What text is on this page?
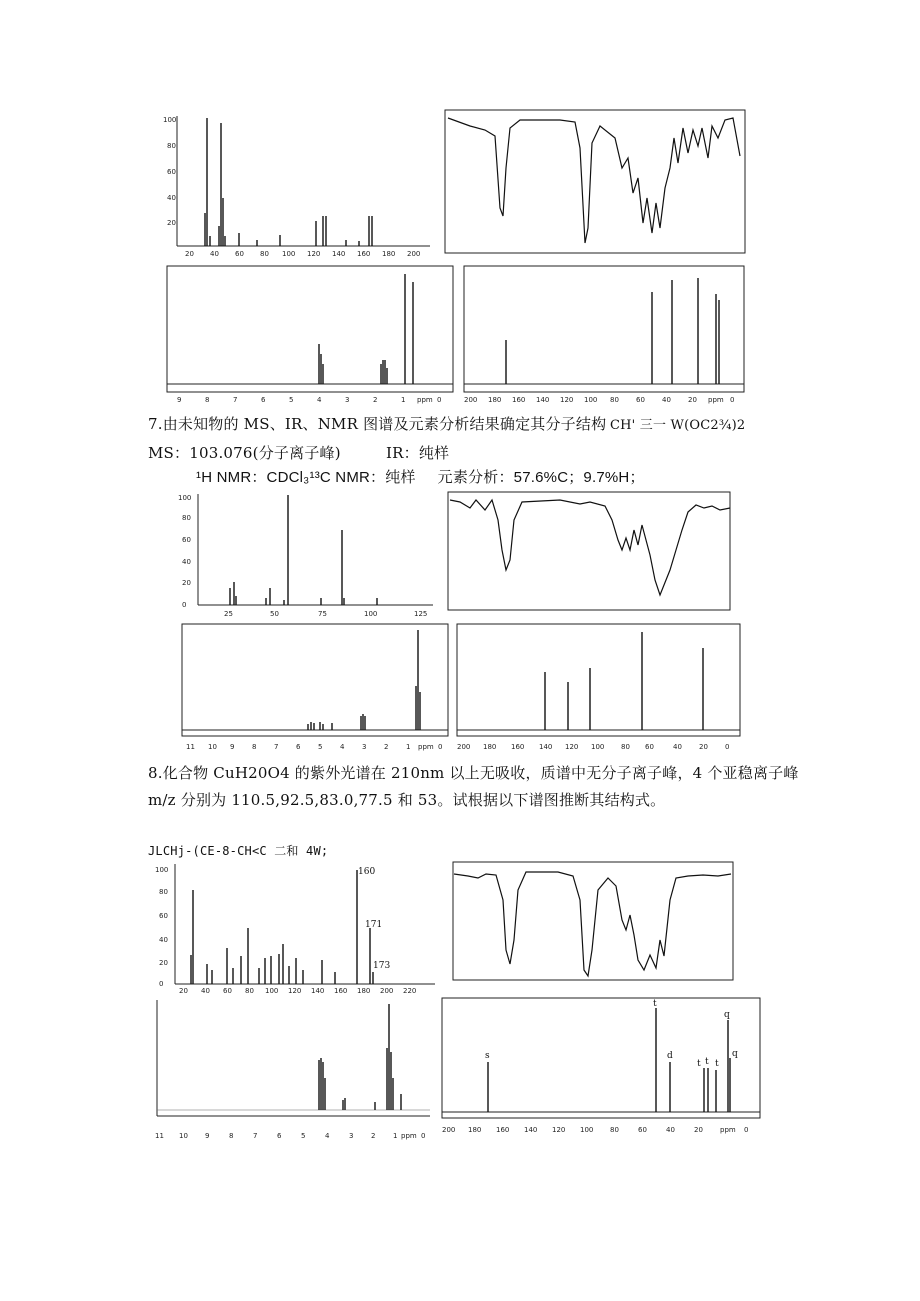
100
80
60
40
20
20 40 60 80 100 120 140 160 180 200
9	8	7	6	5	4	3	2	1 ppm 0	200 180 160 140 120 100 80 60 40 20 ppm 0
7.由未知物的 MS、IR、NMR 图谱及元素分析结果确定其分子结构 CH' 三一 W(OC2¾)2
MS：103.076(分子离子峰)	IR：纯样
¹H NMR：CDCl₃¹³C NMR：纯样 元素分析：57.6%C；9.7%H；
100
80
60
40
20
0
25	50	75	100	125
11 10 9	8	7	6	5	4	3	2	1 ppm 0 200 180 160 140 120 100 80 60	40 20 0
8.化合物 CuH20O4 的紫外光谱在 210nm 以上无吸收，质谱中无分子离子峰，4 个亚稳离子峰
m/z 分别为 110.5,92.5,83.0,77.5 和 53。试根据以下谱图推断其结构式。
JLCHj-(CE-8-CH<C 二和 4W;
100
80
60
40
20
0
160
171
173
20 40 60 80 100 120 140 160 180 200 220
11 10 9	8	7	6	5	4	3	2	1 ppm 0
s
t
d
t t t
q
q
200 180 160 140 120 100 80	60	40	20 ppm 0
